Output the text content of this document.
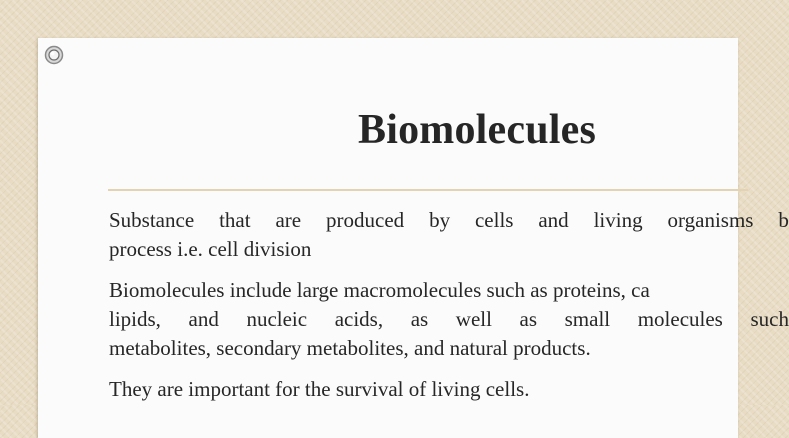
Biomolecules

Substance that are produced by cells and living organisms b
process i.e. cell division

Biomolecules include large macromolecules such as proteins, ca
lipids, and nucleic acids, as well as small molecules such
metabolites, secondary metabolites, and natural products.

They are important for the survival of living cells.
